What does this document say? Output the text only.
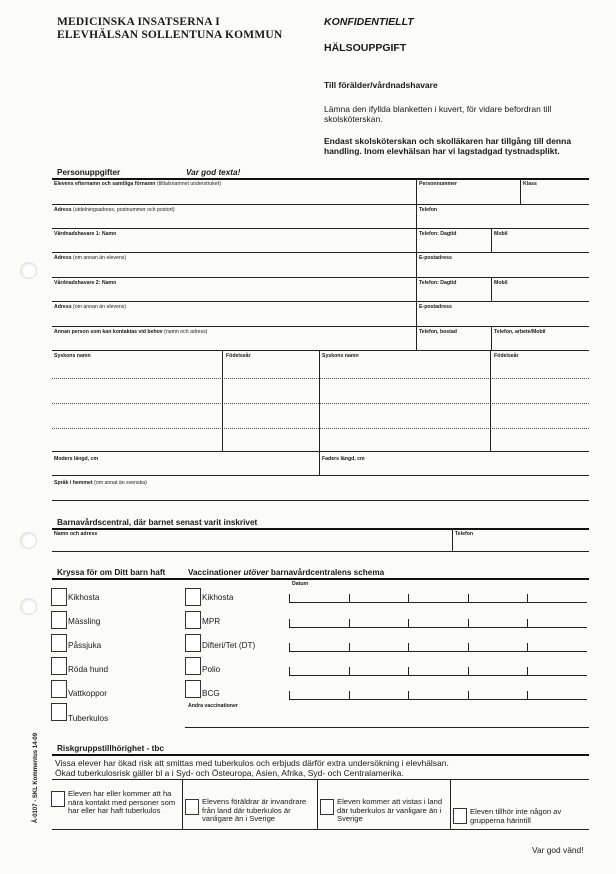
MEDICINSKA INSATSERNA I
ELEVHÄLSAN SOLLENTUNA KOMMUN
KONFIDENTIELLT
HÄLSOUPPGIFT
Till förälder/vårdnadshavare
Lämna den ifyllda blanketten i kuvert, för vidare befordran till skolsköterskan.
Endast skolsköterskan och skolläkaren har tillgång till denna handling. Inom elevhälsan har vi lagstadgad tystnadsplikt.
Personuppgifter	Var god texta!
Elevens efternamn och samtliga förnamn (tilltalsnamnet understruket)	Personnummer	Klass
Adress (utdelningsadress, postnummer och postort)	Telefon
Vårdnadshavare 1: Namn	Telefon: Dagtid	Mobil
Adress (om annan än elevens)	E-postadress
Vårdnadshavare 2: Namn	Telefon: Dagtid	Mobil
Adress (om annan än elevens)	E-postadress
Annan person som kan kontaktas vid behov (namn och adress)	Telefon, bostad	Telefon, arbete/Mobil
Syskons namn	Födelseår	Syskons namn	Födelseår
Moders längd, cm	Faders längd, cm
Språk i hemmet (om annat än svenska)
Barnavårdscentral, där barnet senast varit inskrivet
Namn och adress	Telefon
Kryssa för om Ditt barn haft	Vaccinationer utöver barnavårdcentralens schema
Datum
Kikhosta
Mässling
Påssjuka
Röda hund
Vattkoppor
Tuberkulos
Kikhosta
MPR
Difteri/Tet (DT)
Polio
BCG
Andra vaccinationer
Riskgruppstillhörighet - tbc
Vissa elever har ökad risk att smittas med tuberkulos och erbjuds därför extra undersökning i elevhälsan.
Ökad tuberkulosrisk gäller bl a i Syd- och Östeuropa, Asien, Afrika, Syd- och Centralamerika.
Eleven har eller kommer att ha nära kontakt med personer som har eller har haft tuberkulos
Elevens föräldrar är invandrare från land där tuberkulos är vanligare än i Sverige
Eleven kommer att vistas i land där tuberkulos är vanligare än i Sverige
Eleven tillhör inte någon av grupperna härintill
Å-0107 - SKL Kommentus 14-09
Var god vänd!
